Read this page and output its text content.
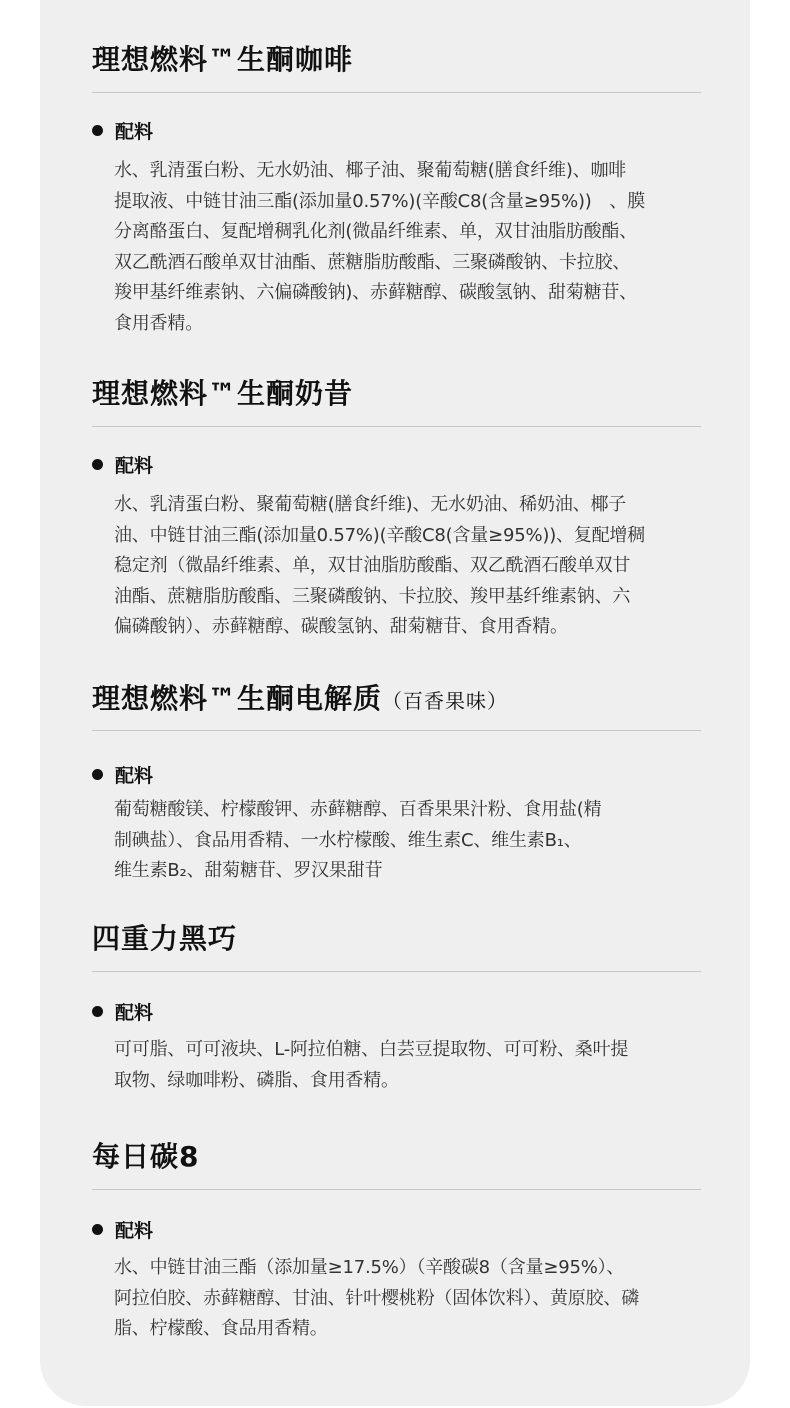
理想燃料™生酮咖啡
配料

水、乳清蛋白粉、无水奶油、椰子油、聚葡萄糖(膳食纤维)、咖啡
提取液、中链甘油三酯(添加量0.57%)(辛酸C8(含量≥95%))　、膜
分离酪蛋白、复配增稠乳化剂(微晶纤维素、单，双甘油脂肪酸酯、
双乙酰酒石酸单双甘油酯、蔗糖脂肪酸酯、三聚磷酸钠、卡拉胶、
羧甲基纤维素钠、六偏磷酸钠)、赤藓糖醇、碳酸氢钠、甜菊糖苷、
食用香精。

理想燃料™生酮奶昔
配料

水、乳清蛋白粉、聚葡萄糖(膳食纤维)、无水奶油、稀奶油、椰子
油、中链甘油三酯(添加量0.57%)(辛酸C8(含量≥95%))、复配增稠
稳定剂（微晶纤维素、单，双甘油脂肪酸酯、双乙酰酒石酸单双甘
油酯、蔗糖脂肪酸酯、三聚磷酸钠、卡拉胶、羧甲基纤维素钠、六
偏磷酸钠）、赤藓糖醇、碳酸氢钠、甜菊糖苷、食用香精。

理想燃料™生酮电解质（百香果味）
配料

葡萄糖酸镁、柠檬酸钾、赤藓糖醇、百香果果汁粉、食用盐(精
制碘盐）、食品用香精、一水柠檬酸、维生素C、维生素B₁、
维生素B₂、甜菊糖苷、罗汉果甜苷

四重力黑巧
配料

可可脂、可可液块、L-阿拉伯糖、白芸豆提取物、可可粉、桑叶提
取物、绿咖啡粉、磷脂、食用香精。

每日碳8
配料

水、中链甘油三酯（添加量≥17.5%）（辛酸碳8（含量≥95%）、
阿拉伯胶、赤藓糖醇、甘油、针叶樱桃粉（固体饮料）、黄原胶、磷
脂、柠檬酸、食品用香精。
